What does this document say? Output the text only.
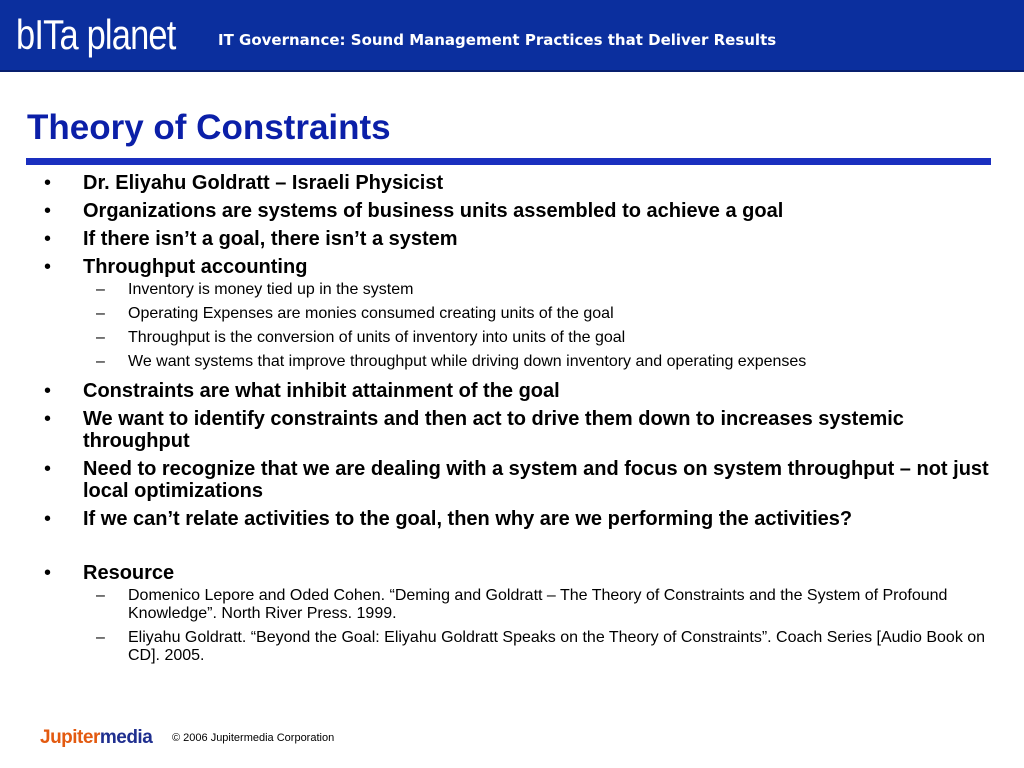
bITa planet	IT Governance: Sound Management Practices that Deliver Results
Theory of Constraints
• Dr. Eliyahu Goldratt – Israeli Physicist
• Organizations are systems of business units assembled to achieve a goal
• If there isn’t a goal, there isn’t a system
• Throughput accounting
– Inventory is money tied up in the system
– Operating Expenses are monies consumed creating units of the goal
– Throughput is the conversion of units of inventory into units of the goal
– We want systems that improve throughput while driving down inventory and operating expenses
• Constraints are what inhibit attainment of the goal
• We want to identify constraints and then act to drive them down to increases systemic throughput
• Need to recognize that we are dealing with a system and focus on system throughput – not just local optimizations
• If we can’t relate activities to the goal, then why are we performing the activities?
• Resource
– Domenico Lepore and Oded Cohen. “Deming and Goldratt – The Theory of Constraints and the System of Profound Knowledge”. North River Press. 1999.
– Eliyahu Goldratt. “Beyond the Goal: Eliyahu Goldratt Speaks on the Theory of Constraints”. Coach Series [Audio Book on CD]. 2005.
Jupitermedia © 2006 Jupitermedia Corporation
